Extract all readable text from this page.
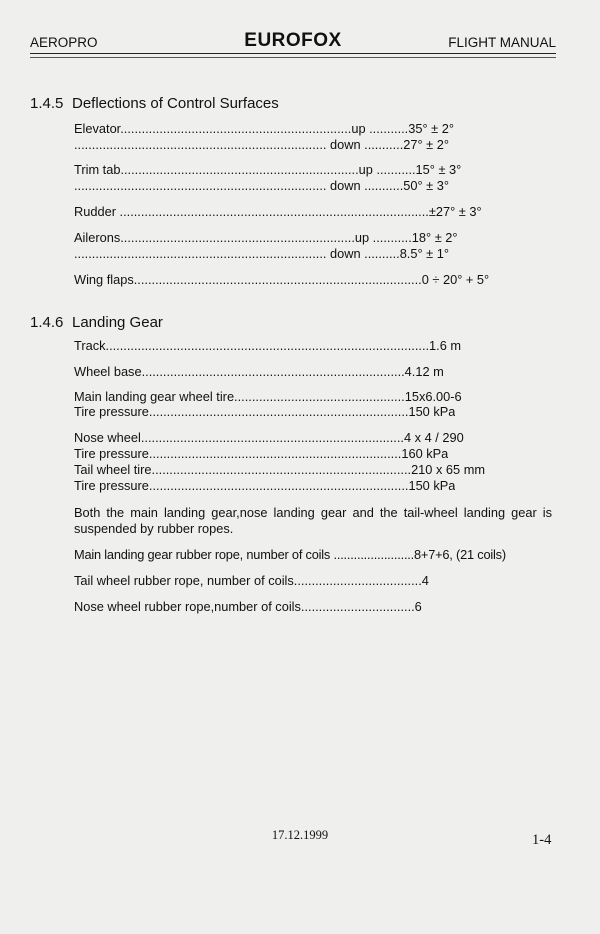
AEROPRO	EUROFOX	FLIGHT MANUAL
1.4.5 Deflections of Control Surfaces
Elevator.................................................................up ...........35° ± 2°
....................................................................... down ...........27° ± 2°
Trim tab...................................................................up ...........15° ± 3°
....................................................................... down ...........50° ± 3°
Rudder .......................................................................................±27° ± 3°
Ailerons..................................................................up ...........18° ± 2°
....................................................................... down ..........8.5° ± 1°
Wing flaps.................................................................................0 ÷ 20° + 5°
1.4.6 Landing Gear
Track...........................................................................................1.6 m
Wheel base..........................................................................4.12 m
Main landing gear wheel tire................................................15x6.00-6
Tire pressure.........................................................................150 kPa
Nose wheel..........................................................................4 x 4 / 290
Tire pressure.......................................................................160 kPa
Tail wheel tire.........................................................................210 x 65 mm
Tire pressure.........................................................................150 kPa
Both the main landing gear,nose landing gear and the tail-wheel landing gear is suspended by rubber ropes.
Main landing gear rubber rope, number of coils ........................8+7+6, (21 coils)
Tail wheel rubber rope, number of coils....................................4
Nose wheel rubber rope,number of coils................................6
17.12.1999	1-4
